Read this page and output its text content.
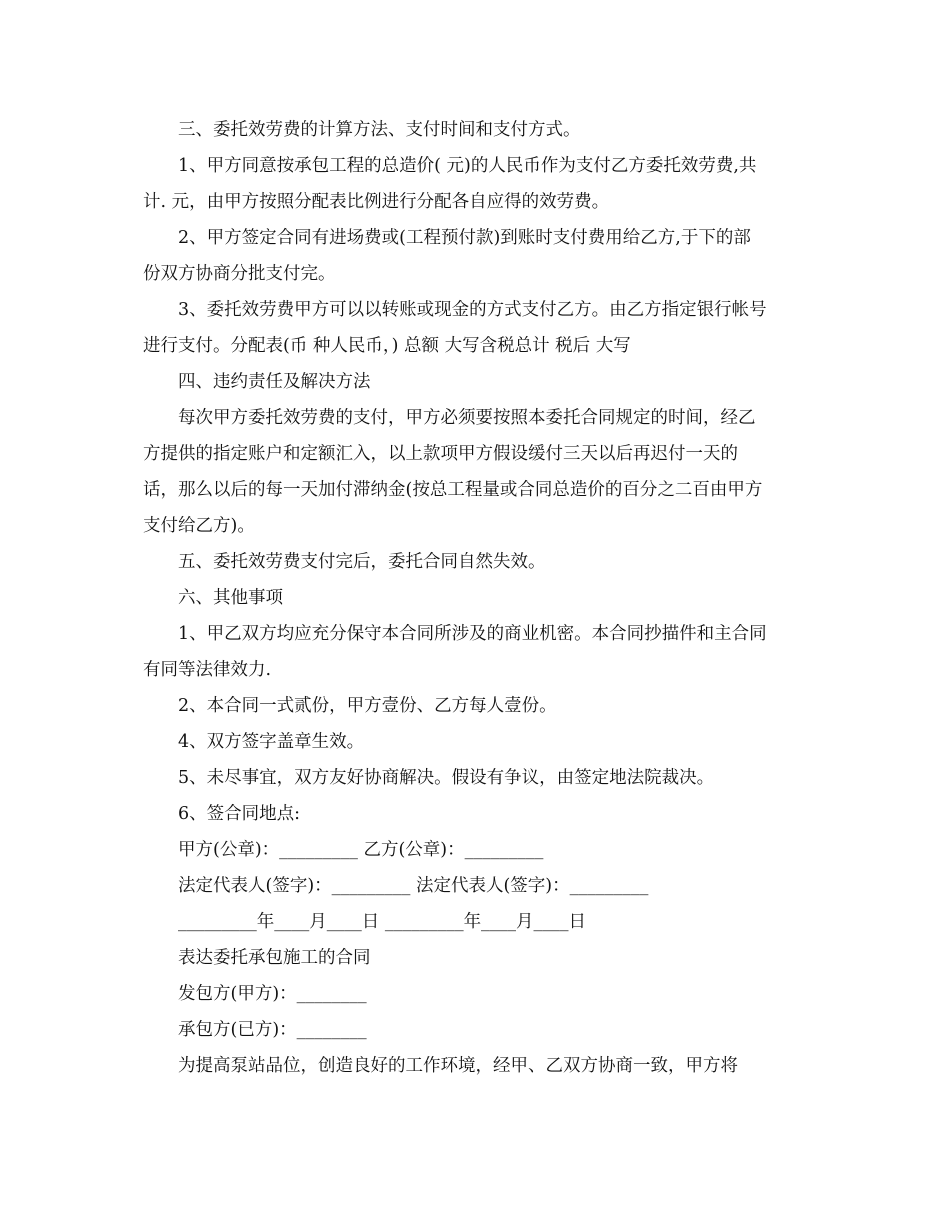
三、委托效劳费的计算方法、支付时间和支付方式。
1、甲方同意按承包工程的总造价( 元)的人民币作为支付乙方委托效劳费,共
计. 元，由甲方按照分配表比例进行分配各自应得的效劳费。
2、甲方签定合同有进场费或(工程预付款)到账时支付费用给乙方,于下的部
份双方协商分批支付完。
3、委托效劳费甲方可以以转账或现金的方式支付乙方。由乙方指定银行帐号
进行支付。分配表(币 种人民币，) 总额 大写含税总计 税后 大写
四、违约责任及解决方法
每次甲方委托效劳费的支付，甲方必须要按照本委托合同规定的时间，经乙
方提供的指定账户和定额汇入，以上款项甲方假设缓付三天以后再迟付一天的
话，那么以后的每一天加付滞纳金(按总工程量或合同总造价的百分之二百由甲方
支付给乙方)。
五、委托效劳费支付完后，委托合同自然失效。
六、其他事项
1、甲乙双方均应充分保守本合同所涉及的商业机密。本合同抄描件和主合同
有同等法律效力.
2、本合同一式贰份，甲方壹份、乙方每人壹份。
4、双方签字盖章生效。
5、未尽事宜，双方友好协商解决。假设有争议，由签定地法院裁决。
6、签合同地点:
甲方(公章)：_________ 乙方(公章)：_________
法定代表人(签字)：_________ 法定代表人(签字)：_________
_________年____月____日 _________年____月____日
表达委托承包施工的合同
发包方(甲方)：________
承包方(已方)：________
为提高泵站品位，创造良好的工作环境，经甲、乙双方协商一致，甲方将
